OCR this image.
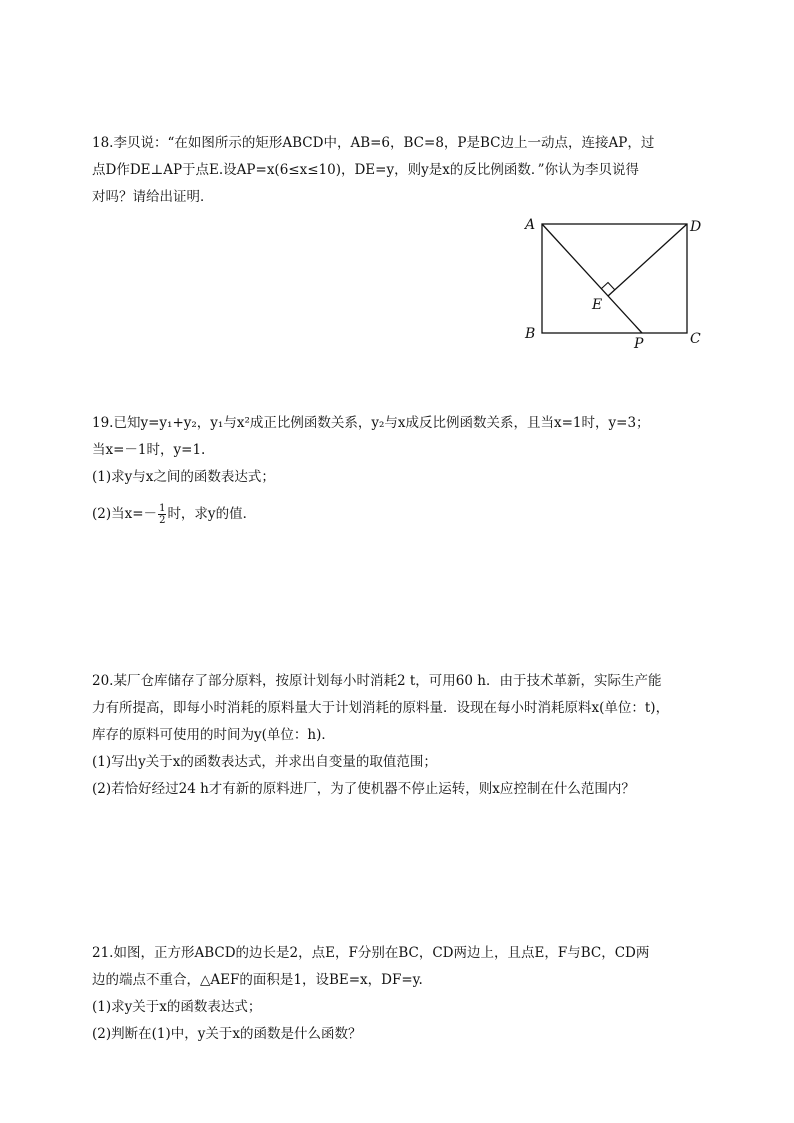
18.李贝说：“在如图所示的矩形ABCD中，AB=6，BC=8，P是BC边上一动点，连接AP，过
点D作DE⊥AP于点E.设AP=x(6≤x≤10)，DE=y，则y是x的反比例函数．”你认为李贝说得
对吗？请给出证明．
A	D
B	C
E
P
19.已知y=y₁+y₂，y₁与x²成正比例函数关系，y₂与x成反比例函数关系，且当x=1时，y=3；
当x=－1时，y=1.
(1)求y与x之间的函数表达式；
(2)当$x=- \frac{1}{2}$ 时，求y的值．
20.某厂仓库储存了部分原料，按原计划每小时消耗2 t，可用60 h．由于技术革新，实际生产能
力有所提高，即每小时消耗的原料量大于计划消耗的原料量．设现在每小时消耗原料x(单位：t)，
库存的原料可使用的时间为y(单位：h)．
(1)写出y关于x的函数表达式，并求出自变量的取值范围；
(2)若恰好经过24 h才有新的原料进厂，为了使机器不停止运转，则x应控制在什么范围内？
21.如图，正方形ABCD的边长是2，点E，F分别在BC，CD两边上，且点E，F与BC，CD两
边的端点不重合，△AEF的面积是1，设BE=x，DF=y.
(1)求y关于x的函数表达式；
(2)判断在(1)中，y关于x的函数是什么函数？
